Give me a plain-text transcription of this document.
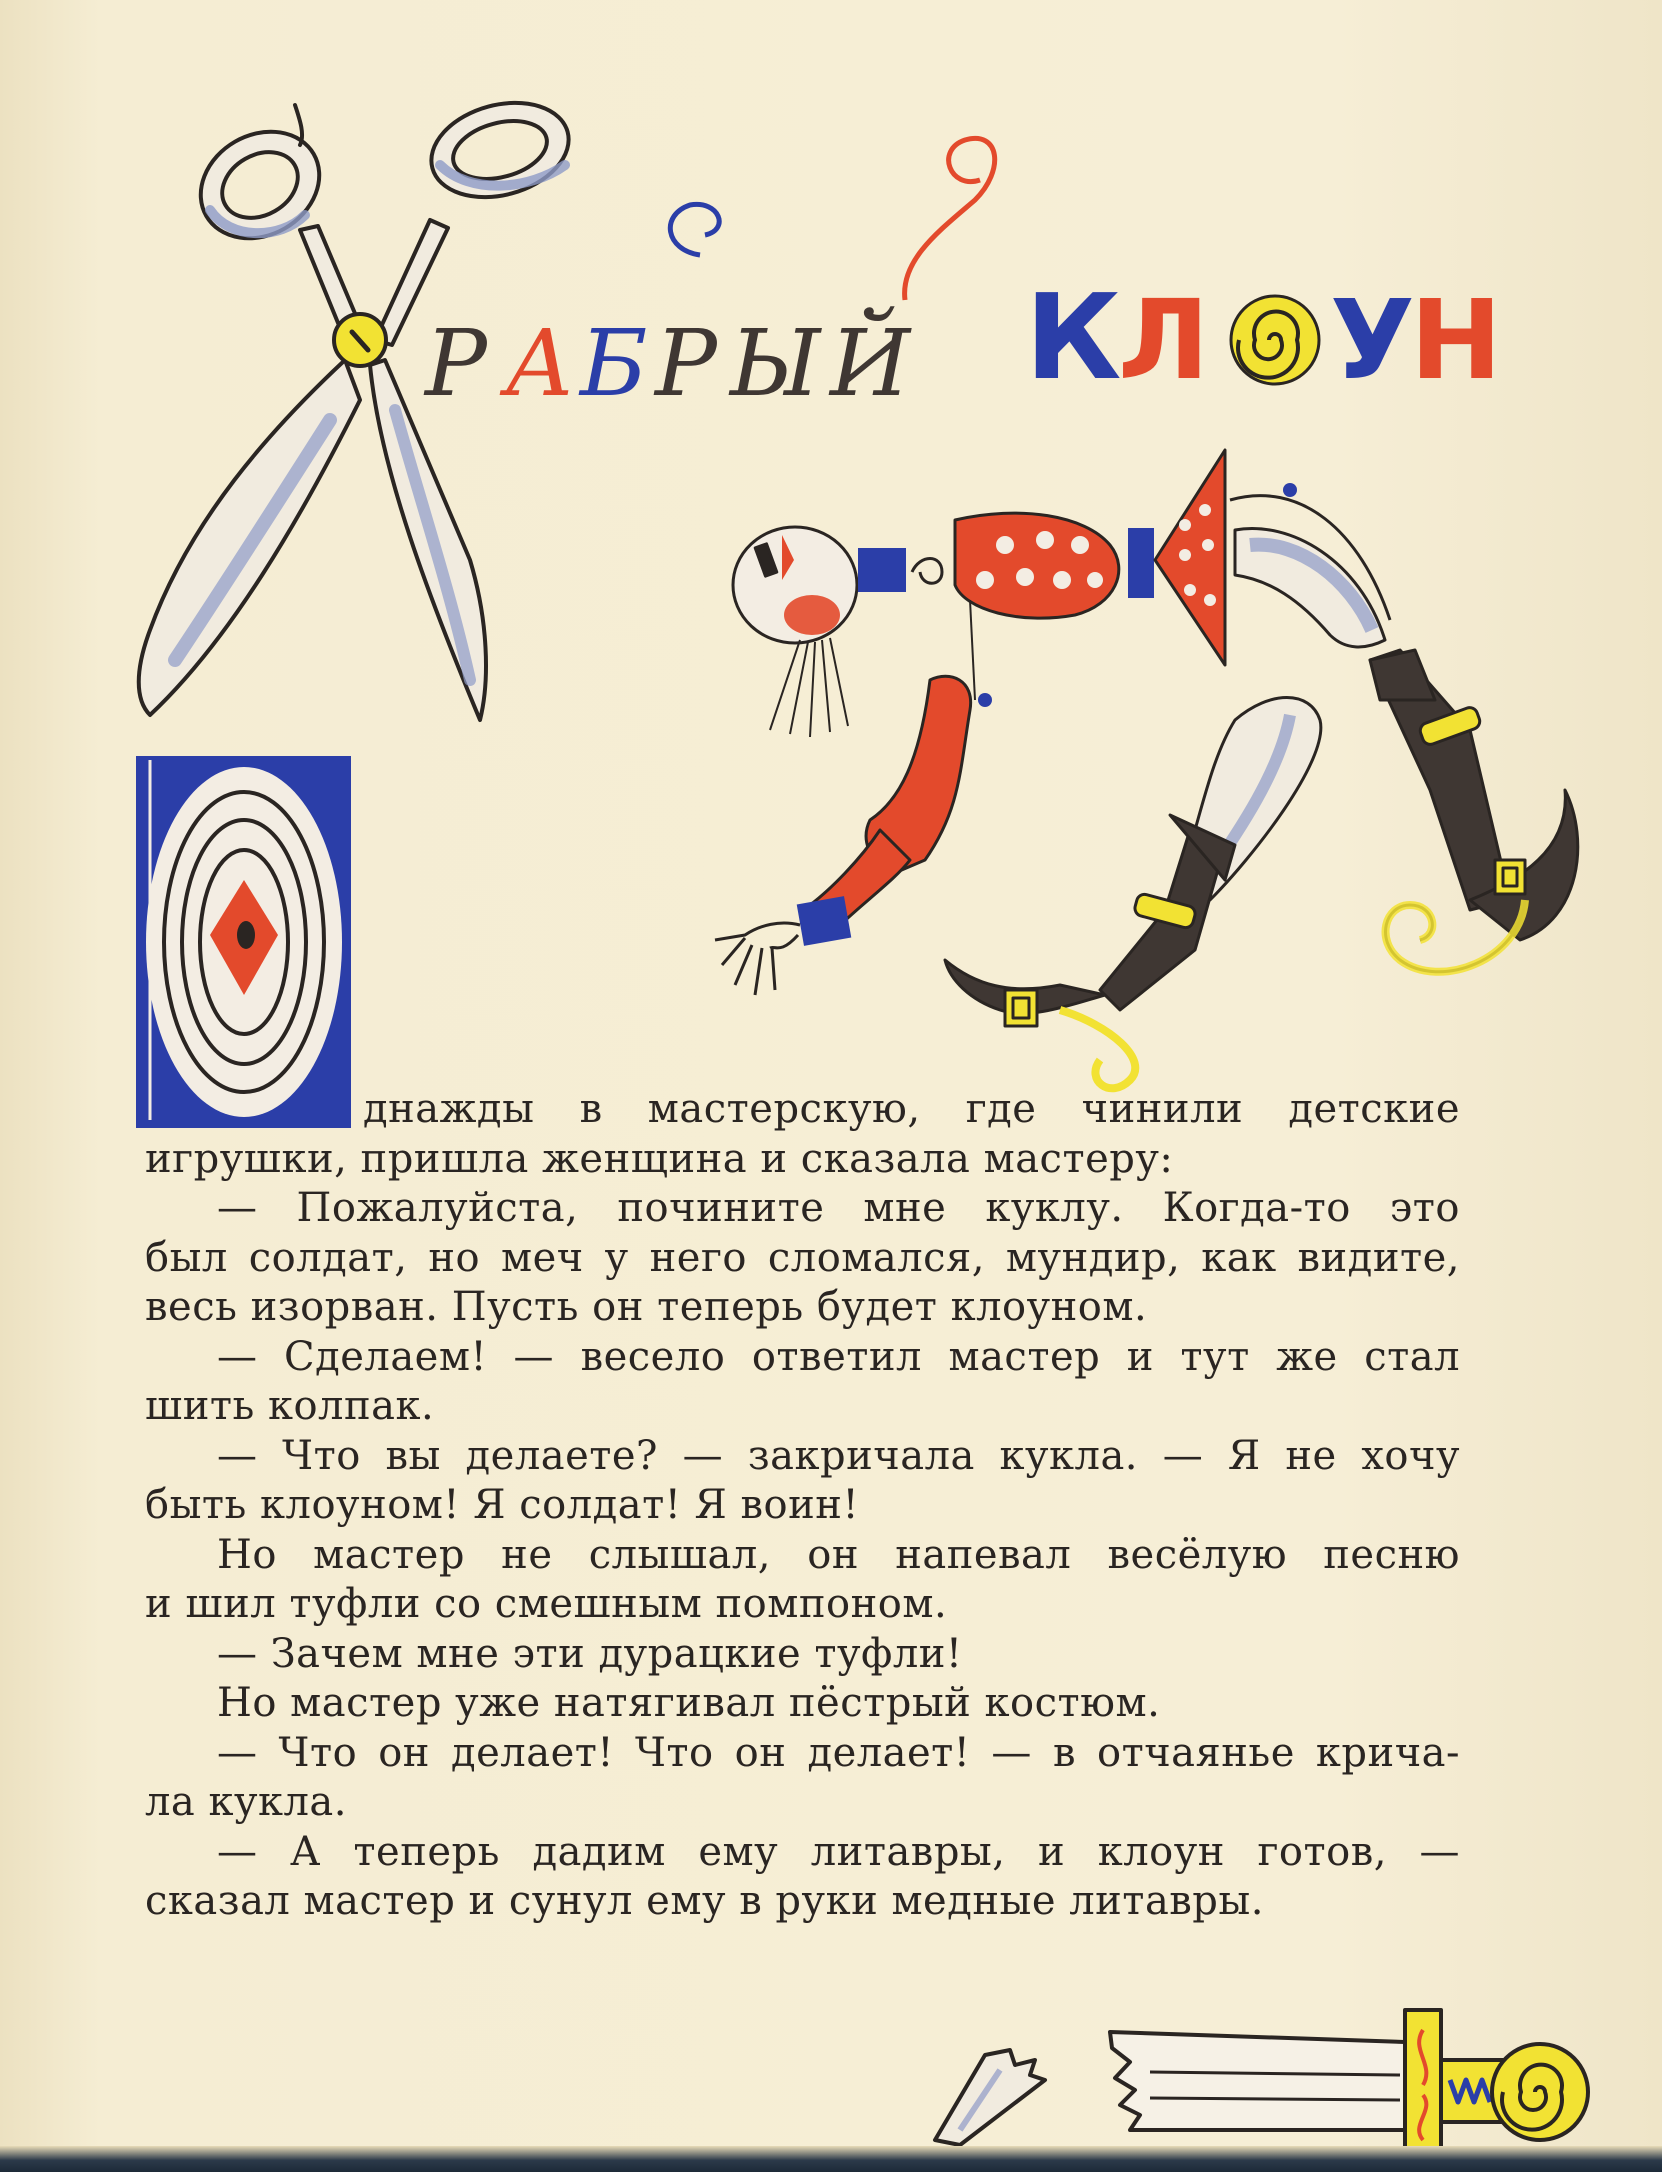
Р А Б Р Ы Й К
Л У
Н

днажды в мастерскую, где чинили детские

игрушки, пришла женщина и сказала мастеру:

— Пожалуйста, почините мне куклу. Когда-то это

был солдат, но меч у него сломался, мундир, как видите,

весь изорван. Пусть он теперь будет клоуном.

— Сделаем! — весело ответил мастер и тут же стал

шить колпак.

— Что вы делаете? — закричала кукла. — Я не хочу

быть клоуном! Я солдат! Я воин!

Но мастер не слышал, он напевал весёлую песню

и шил туфли со смешным помпоном.

— Зачем мне эти дурацкие туфли!

Но мастер уже натягивал пёстрый костюм.

— Что он делает! Что он делает! — в отчаянье крича-

ла кукла.

— А теперь дадим ему литавры, и клоун готов, —

сказал мастер и сунул ему в руки медные литавры.
